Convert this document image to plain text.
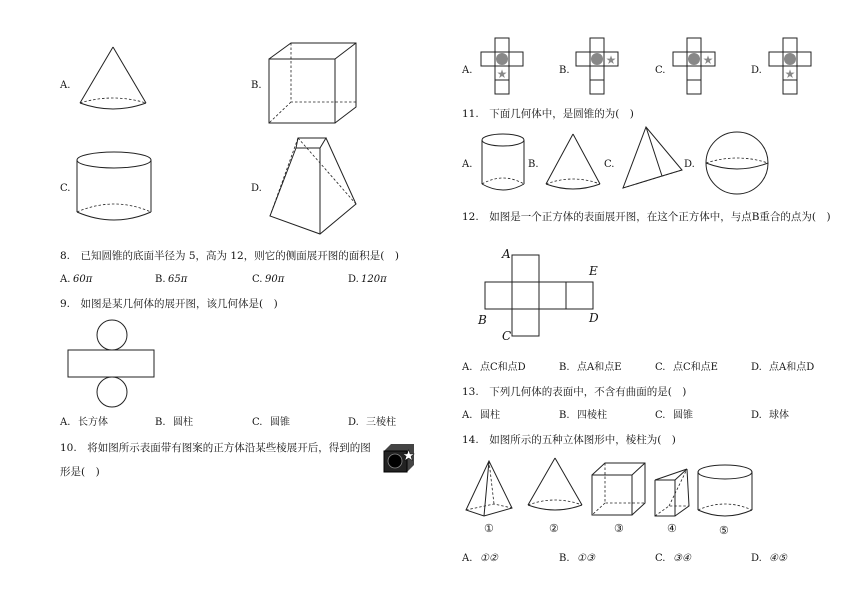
A.	B.
C.	D.
8.　已知圆锥的底面半径为 5，高为 12，则它的侧面展开图的面积是(　)
A. 60π	B. 65π	C. 90π	D. 120π
9.　如图是某几何体的展开图，该几何体是(　)
A. 长方体	B. 圆柱	C. 圆锥	D. 三棱柱
10.　将如图所示表面带有图案的正方体沿某些棱展开后，得到的图
形是(　)
A. ★	B.
★
C.
★
D. ★
11.　下面几何体中，是圆锥的为(　)
A.	B.	C.	D.
12.　如图是一个正方体的表面展开图，在这个正方体中，与点B重合的点为(　)
A
E
B	D
C
A. 点C和点D	B. 点A和点E	C. 点C和点E	D. 点A和点D
13.　下列几何体的表面中，不含有曲面的是(　)
A. 圆柱	B. 四棱柱	C. 圆锥	D. 球体
14.　如图所示的五种立体图形中，棱柱为(　)
①	②	③	④	⑤
A. ①②	B. ①③	C. ③④	D. ④⑤
